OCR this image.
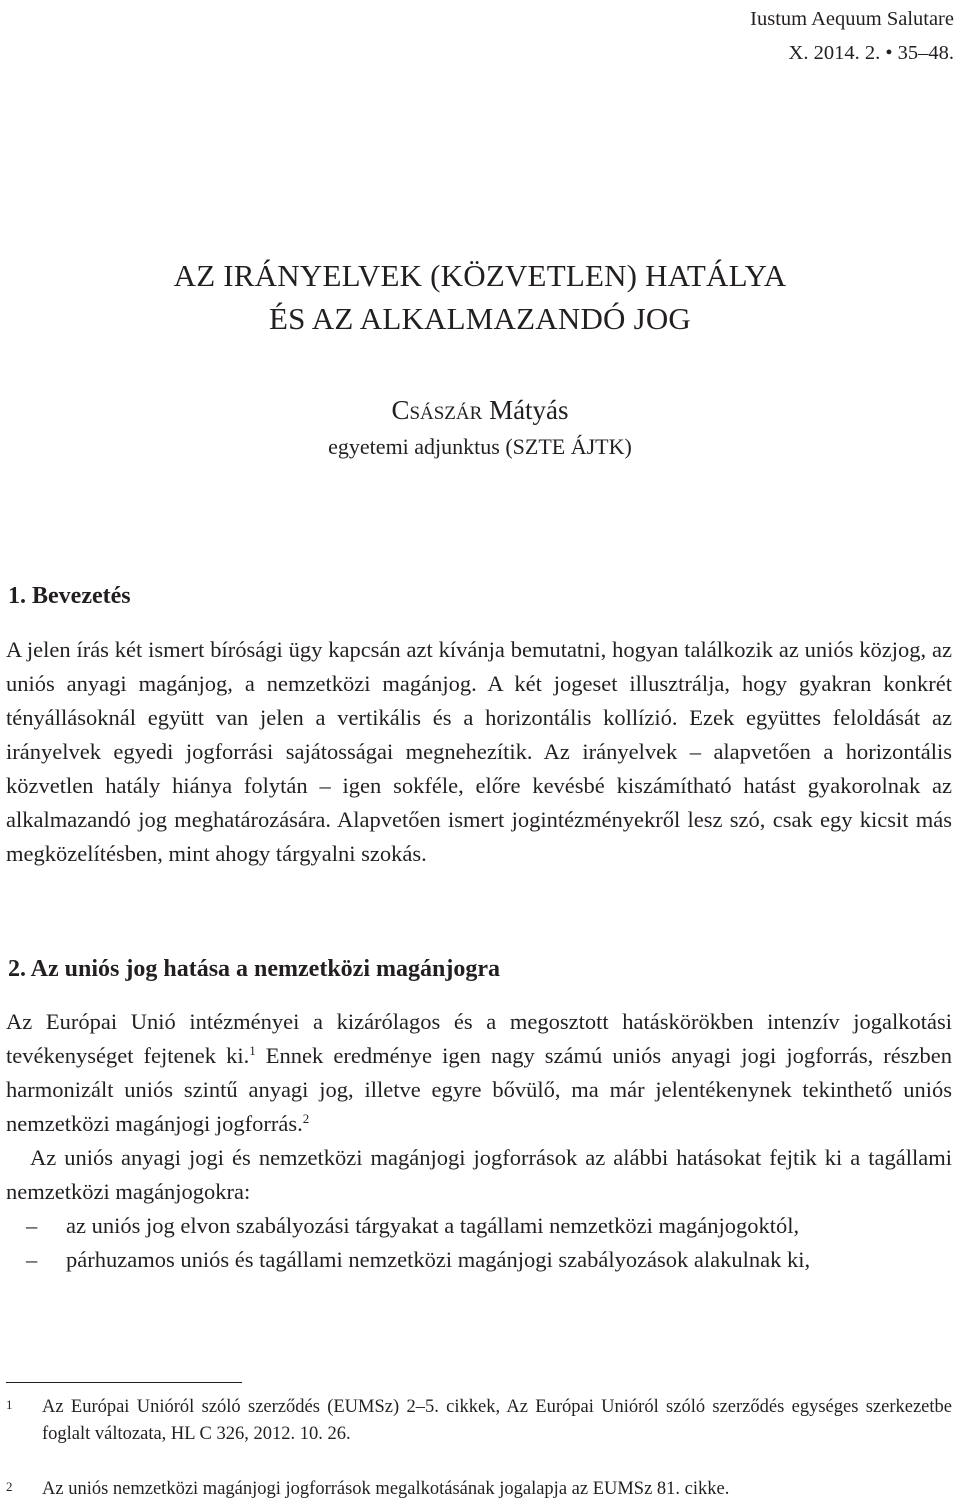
Iustum Aequum Salutare
X. 2014. 2. • 35–48.
AZ IRÁNYELVEK (KÖZVETLEN) HATÁLYA
ÉS AZ ALKALMAZANDÓ JOG
Császár Mátyás
egyetemi adjunktus (SZTE ÁJTK)
1. Bevezetés

A jelen írás két ismert bírósági ügy kapcsán azt kívánja bemutatni, hogyan találkozik az uniós közjog, az uniós anyagi magánjog, a nemzetközi magánjog. A két jogeset illusztrálja, hogy gyakran konkrét tényállásoknál együtt van jelen a vertikális és a horizontális kollízió. Ezek együttes feloldását az irányelvek egyedi jogforrási sajátosságai megnehezítik. Az irányelvek – alapvetően a horizontális közvetlen hatály hiánya folytán – igen sokféle, előre kevésbé kiszámítható hatást gyakorolnak az alkalmazandó jog meghatározására. Alapvetően ismert jogintézményekről lesz szó, csak egy kicsit más megközelítésben, mint ahogy tárgyalni szokás.

2. Az uniós jog hatása a nemzetközi magánjogra

Az Európai Unió intézményei a kizárólagos és a megosztott hatáskörökben intenzív jogalkotási tevékenységet fejtenek ki.$^1$ Ennek eredménye igen nagy számú uniós anyagi jogi jogforrás, részben harmonizált uniós szintű anyagi jog, illetve egyre bővülő, ma már jelentékenynek tekinthető uniós nemzetközi magánjogi jogforrás.$^2$

Az uniós anyagi jogi és nemzetközi magánjogi jogforrások az alábbi hatásokat fejtik ki a tagállami nemzetközi magánjogokra:

– az uniós jog elvon szabályozási tárgyakat a tagállami nemzetközi magánjogoktól,
– párhuzamos uniós és tagállami nemzetközi magánjogi szabályozások alakulnak ki,
1 Az Európai Unióról szóló szerződés (EUMSz) 2–5. cikkek, Az Európai Unióról szóló szerződés egységes szerkezetbe foglalt változata, HL C 326, 2012. 10. 26.
2 Az uniós nemzetközi magánjogi jogforrások megalkotásának jogalapja az EUMSz 81. cikke.
